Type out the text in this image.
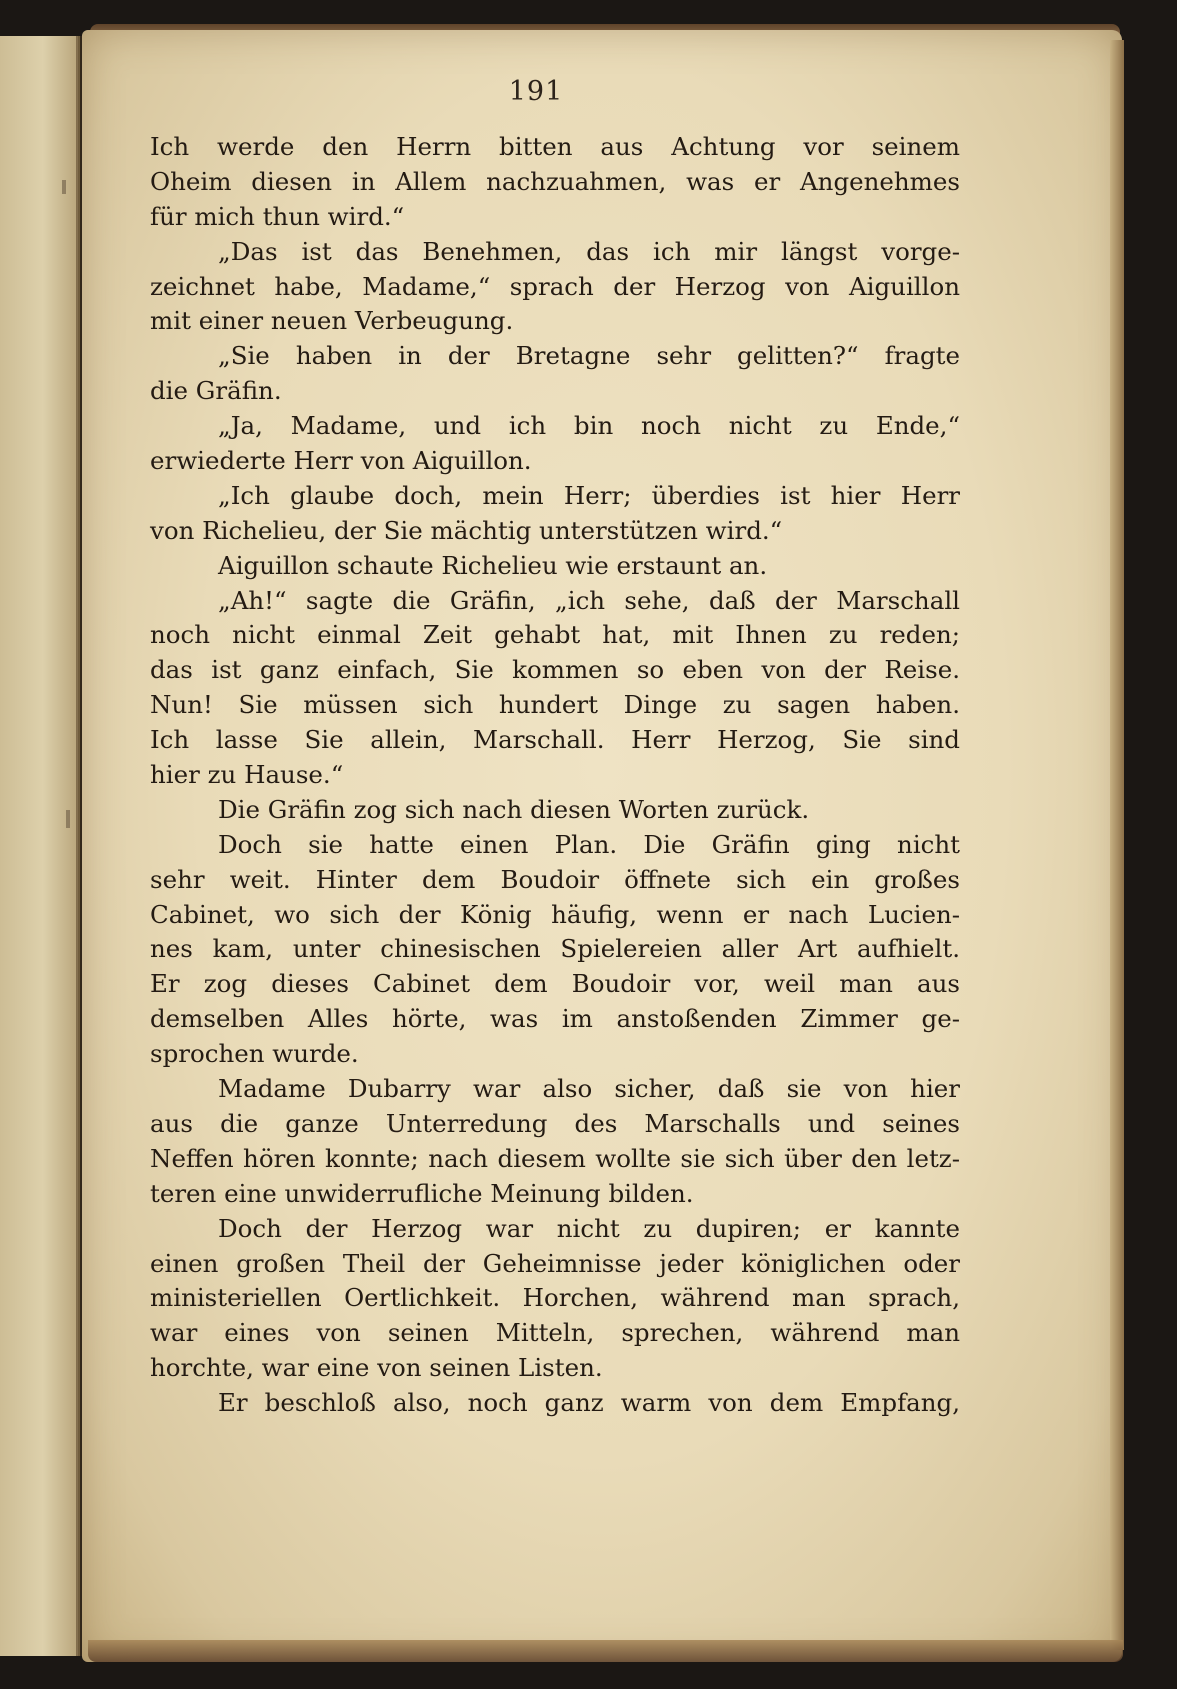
191
Ich werde den Herrn bitten aus Achtung vor seinem
Oheim diesen in Allem nachzuahmen, was er Angenehmes
für mich thun wird.“
„Das ist das Benehmen, das ich mir längst vorge-
zeichnet habe, Madame,“ sprach der Herzog von Aiguillon
mit einer neuen Verbeugung.
„Sie haben in der Bretagne sehr gelitten?“ fragte
die Gräfin.
„Ja, Madame, und ich bin noch nicht zu Ende,“
erwiederte Herr von Aiguillon.
„Ich glaube doch, mein Herr; überdies ist hier Herr
von Richelieu, der Sie mächtig unterstützen wird.“
Aiguillon schaute Richelieu wie erstaunt an.
„Ah!“ sagte die Gräfin, „ich sehe, daß der Marschall
noch nicht einmal Zeit gehabt hat, mit Ihnen zu reden;
das ist ganz einfach, Sie kommen so eben von der Reise.
Nun! Sie müssen sich hundert Dinge zu sagen haben.
Ich lasse Sie allein, Marschall. Herr Herzog, Sie sind
hier zu Hause.“
Die Gräfin zog sich nach diesen Worten zurück.
Doch sie hatte einen Plan. Die Gräfin ging nicht
sehr weit. Hinter dem Boudoir öffnete sich ein großes
Cabinet, wo sich der König häufig, wenn er nach Lucien-
nes kam, unter chinesischen Spielereien aller Art aufhielt.
Er zog dieses Cabinet dem Boudoir vor, weil man aus
demselben Alles hörte, was im anstoßenden Zimmer ge-
sprochen wurde.
Madame Dubarry war also sicher, daß sie von hier
aus die ganze Unterredung des Marschalls und seines
Neffen hören konnte; nach diesem wollte sie sich über den letz-
teren eine unwiderrufliche Meinung bilden.
Doch der Herzog war nicht zu dupiren; er kannte
einen großen Theil der Geheimnisse jeder königlichen oder
ministeriellen Oertlichkeit. Horchen, während man sprach,
war eines von seinen Mitteln, sprechen, während man
horchte, war eine von seinen Listen.
Er beschloß also, noch ganz warm von dem Empfang,
